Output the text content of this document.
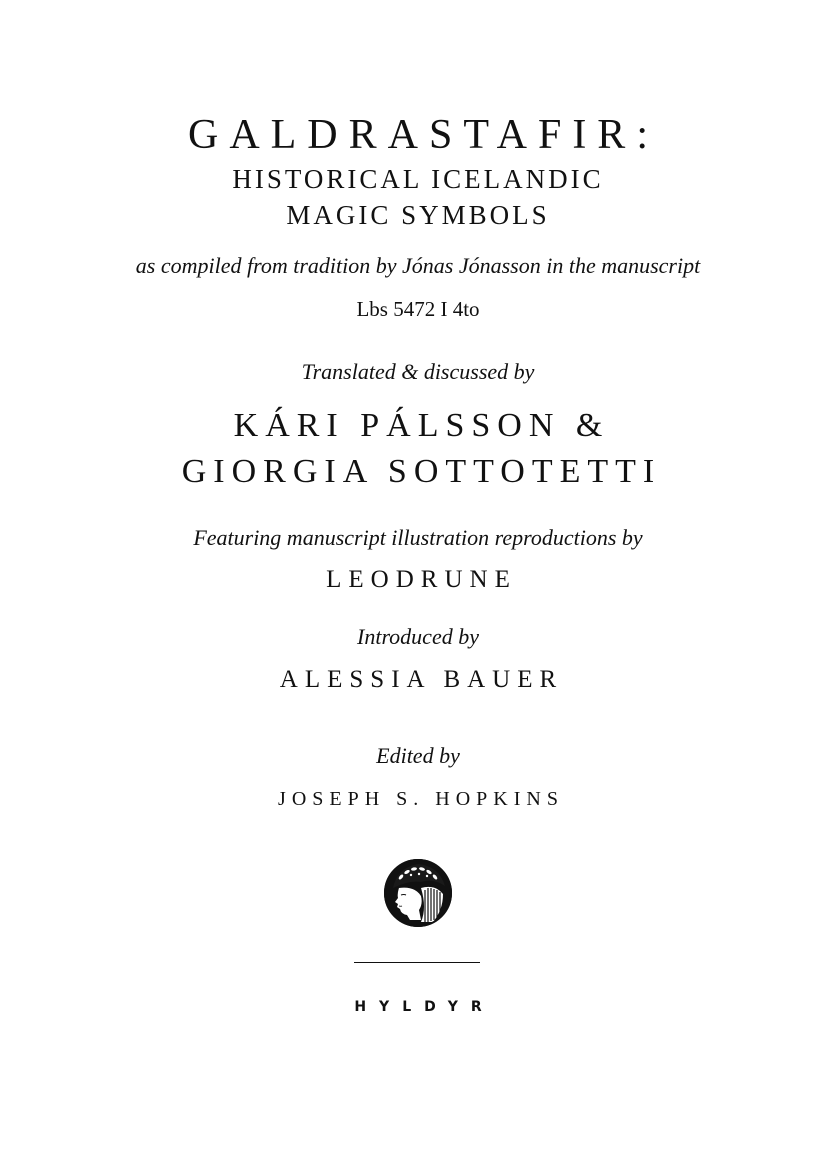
GALDRASTAFIR:
HISTORICAL ICELANDIC
MAGIC SYMBOLS
as compiled from tradition by Jónas Jónasson in the manuscript
Lbs 5472 I 4to
Translated & discussed by
KÁRI PÁLSSON &
GIORGIA SOTTOTETTI
Featuring manuscript illustration reproductions by
LEODRUNE
Introduced by
ALESSIA BAUER
Edited by
JOSEPH S. HOPKINS
HYLDYR
